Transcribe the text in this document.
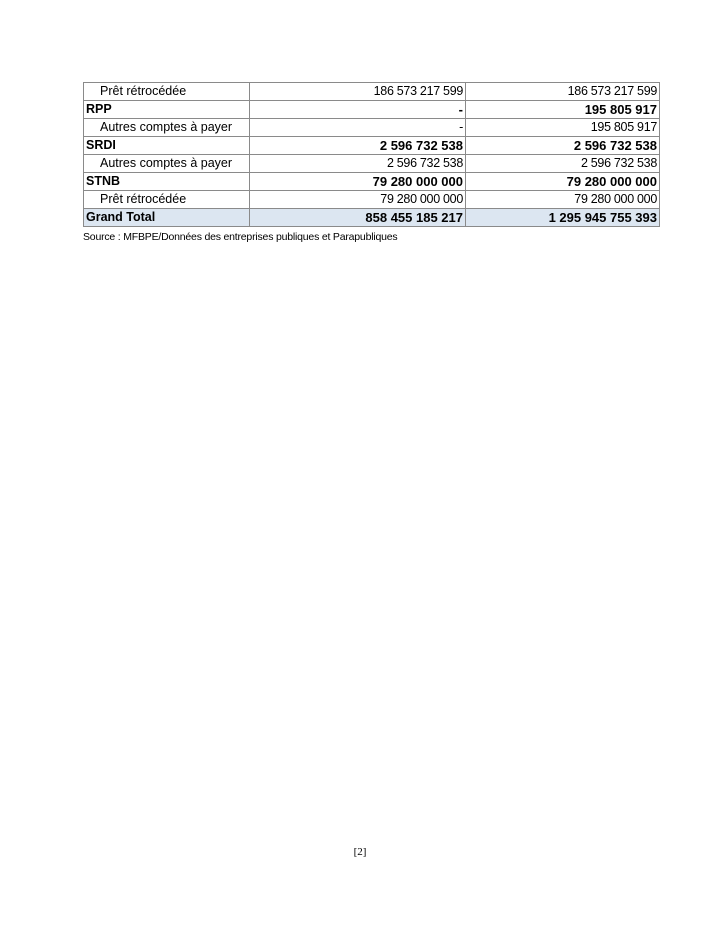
Prêt rétrocédée	186 573 217 599	186 573 217 599
RPP	-	195 805 917
Autres comptes à payer	-	195 805 917
SRDI	2 596 732 538	2 596 732 538
Autres comptes à payer	2 596 732 538	2 596 732 538
STNB	79 280 000 000	79 280 000 000
Prêt rétrocédée	79 280 000 000	79 280 000 000
Grand Total	858 455 185 217	1 295 945 755 393
Source : MFBPE/Données des entreprises publiques et Parapubliques
[2]
